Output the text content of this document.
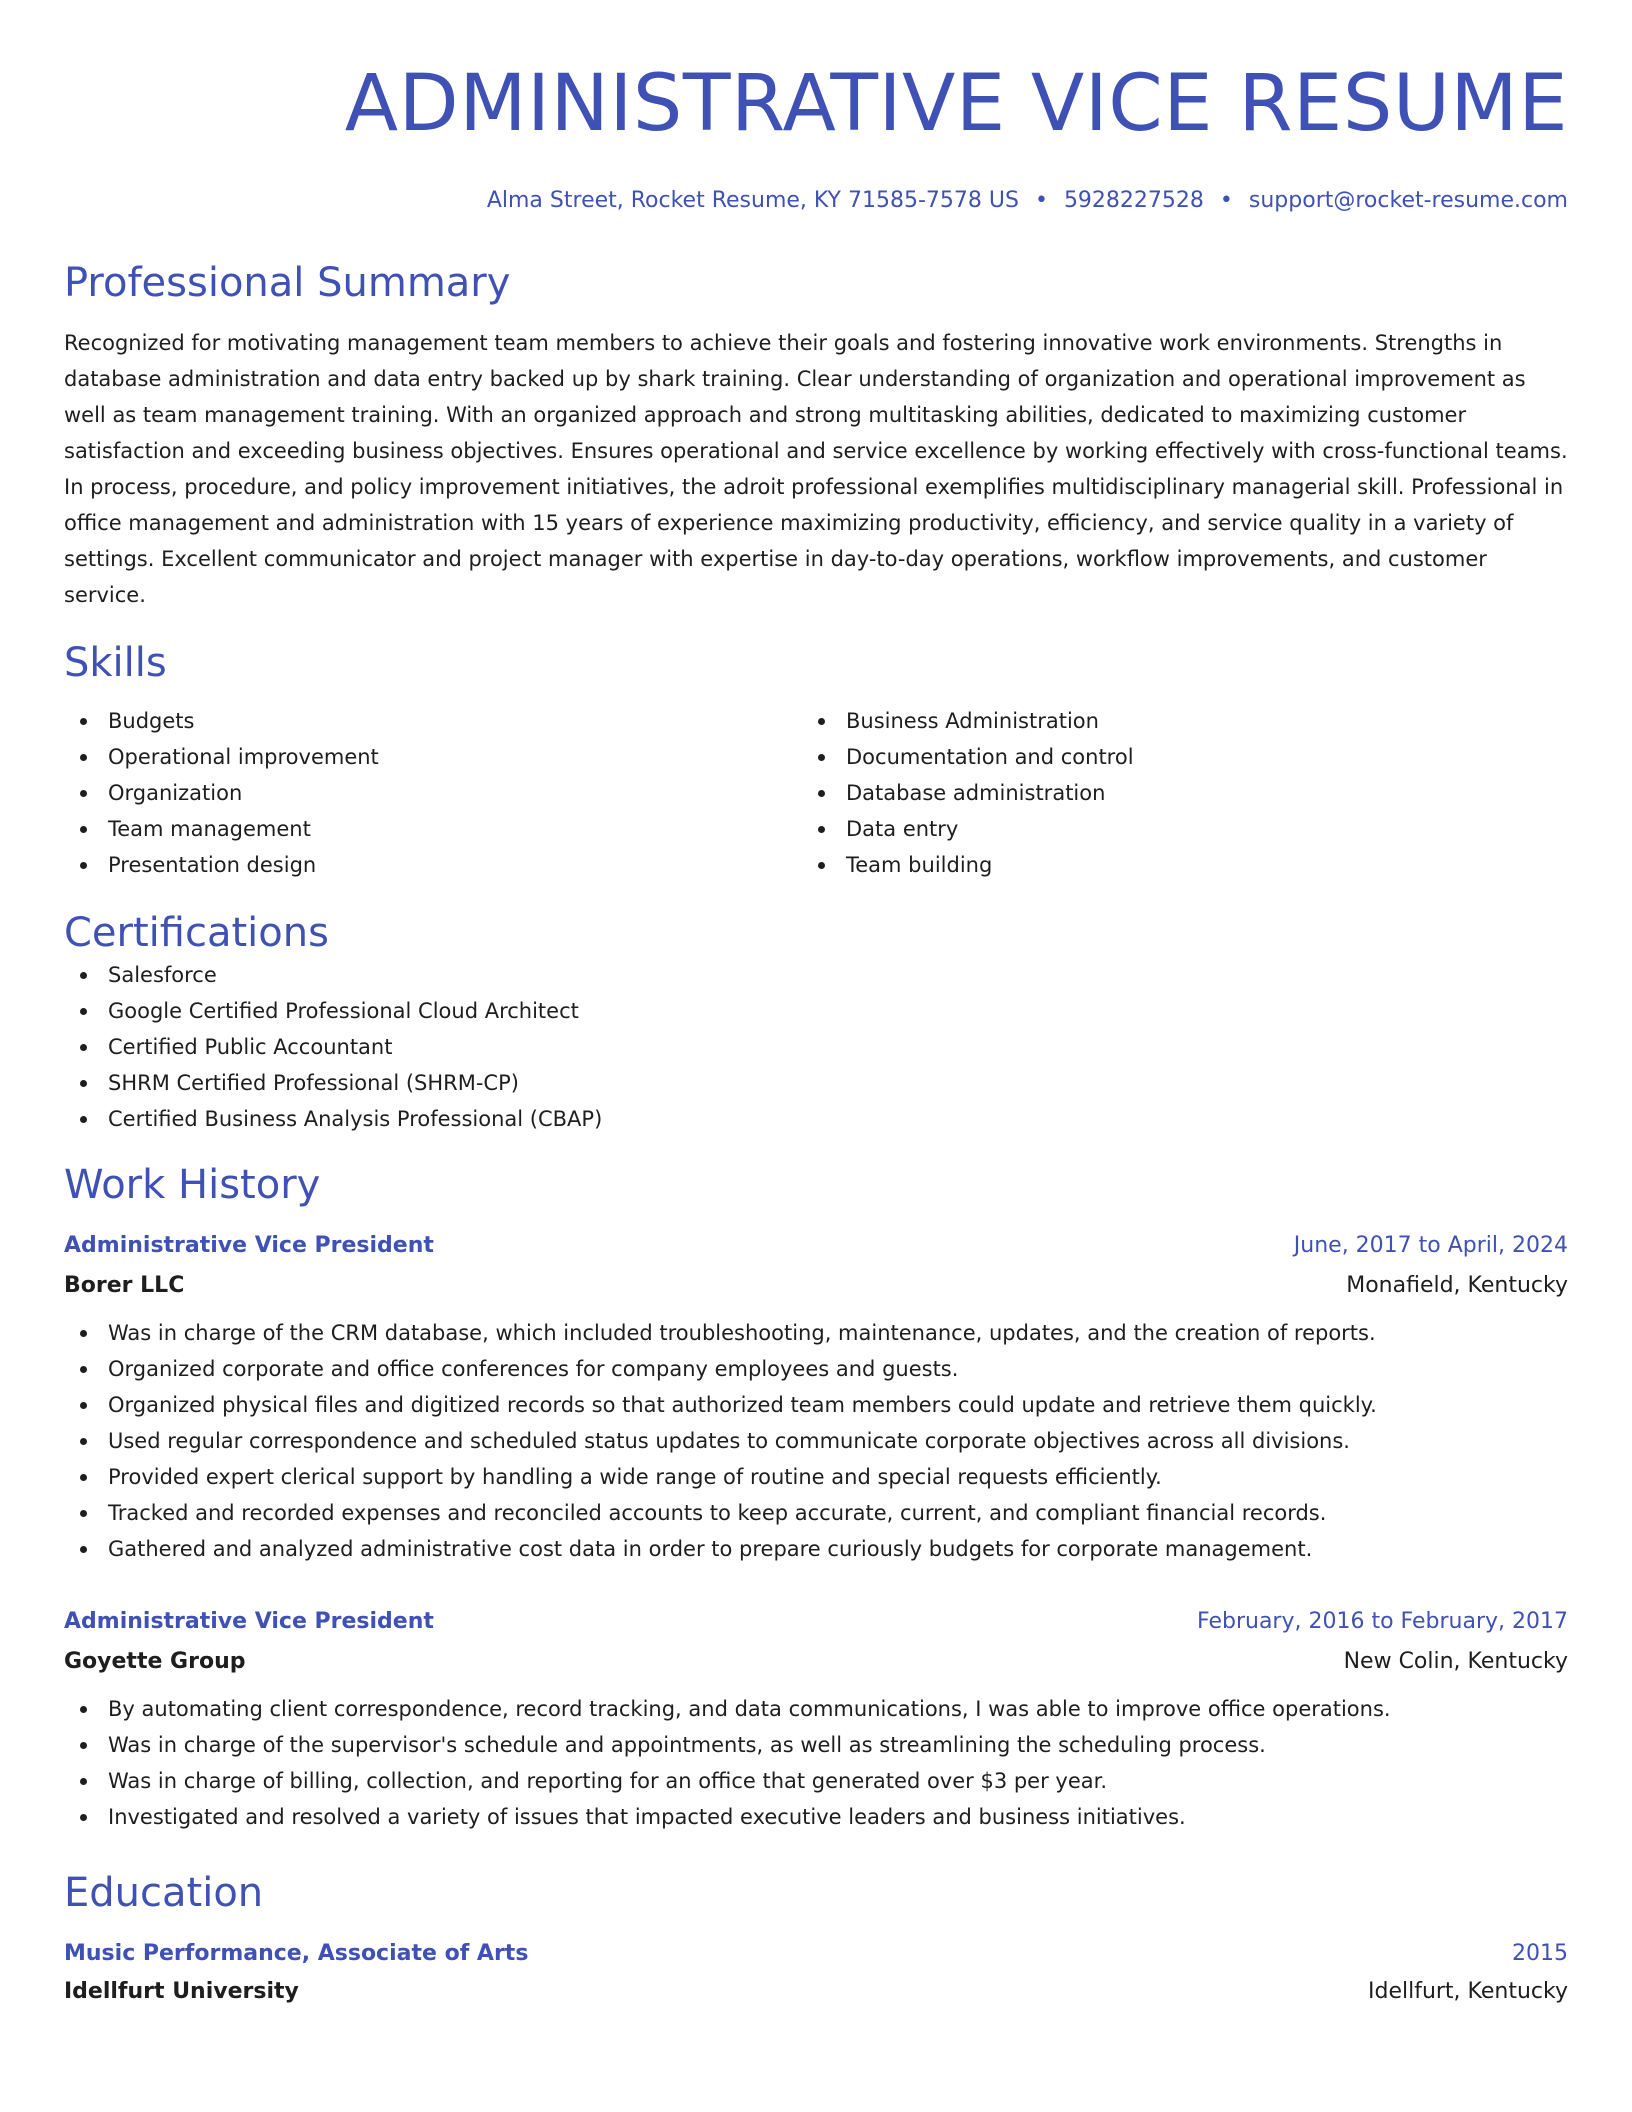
ADMINISTRATIVE VICE RESUME
Alma Street, Rocket Resume, KY 71585-7578 US • 5928227528 • support@rocket-resume.com
Professional Summary

Recognized for motivating management team members to achieve their goals and fostering innovative work environments. Strengths in database administration and data entry backed up by shark training. Clear understanding of organization and operational improvement as well as team management training. With an organized approach and strong multitasking abilities, dedicated to maximizing customer satisfaction and exceeding business objectives. Ensures operational and service excellence by working effectively with cross-functional teams. In process, procedure, and policy improvement initiatives, the adroit professional exemplifies multidisciplinary managerial skill. Professional in office management and administration with 15 years of experience maximizing productivity, efficiency, and service quality in a variety of settings. Excellent communicator and project manager with expertise in day-to-day operations, workflow improvements, and customer service.

Skills
Budgets
Operational improvement
Organization
Team management
Presentation design
Business Administration
Documentation and control
Database administration
Data entry
Team building
Certifications
Salesforce
Google Certified Professional Cloud Architect
Certified Public Accountant
SHRM Certified Professional (SHRM-CP)
Certified Business Analysis Professional (CBAP)
Work History
Administrative Vice President	June, 2017 to April, 2024
Borer LLC	Monafield, Kentucky
Was in charge of the CRM database, which included troubleshooting, maintenance, updates, and the creation of reports.
Organized corporate and office conferences for company employees and guests.
Organized physical files and digitized records so that authorized team members could update and retrieve them quickly.
Used regular correspondence and scheduled status updates to communicate corporate objectives across all divisions.
Provided expert clerical support by handling a wide range of routine and special requests efficiently.
Tracked and recorded expenses and reconciled accounts to keep accurate, current, and compliant financial records.
Gathered and analyzed administrative cost data in order to prepare curiously budgets for corporate management.
Administrative Vice President	February, 2016 to February, 2017
Goyette Group	New Colin, Kentucky
By automating client correspondence, record tracking, and data communications, I was able to improve office operations.
Was in charge of the supervisor's schedule and appointments, as well as streamlining the scheduling process.
Was in charge of billing, collection, and reporting for an office that generated over $3 per year.
Investigated and resolved a variety of issues that impacted executive leaders and business initiatives.
Education
Music Performance, Associate of Arts	2015
Idellfurt University	Idellfurt, Kentucky
